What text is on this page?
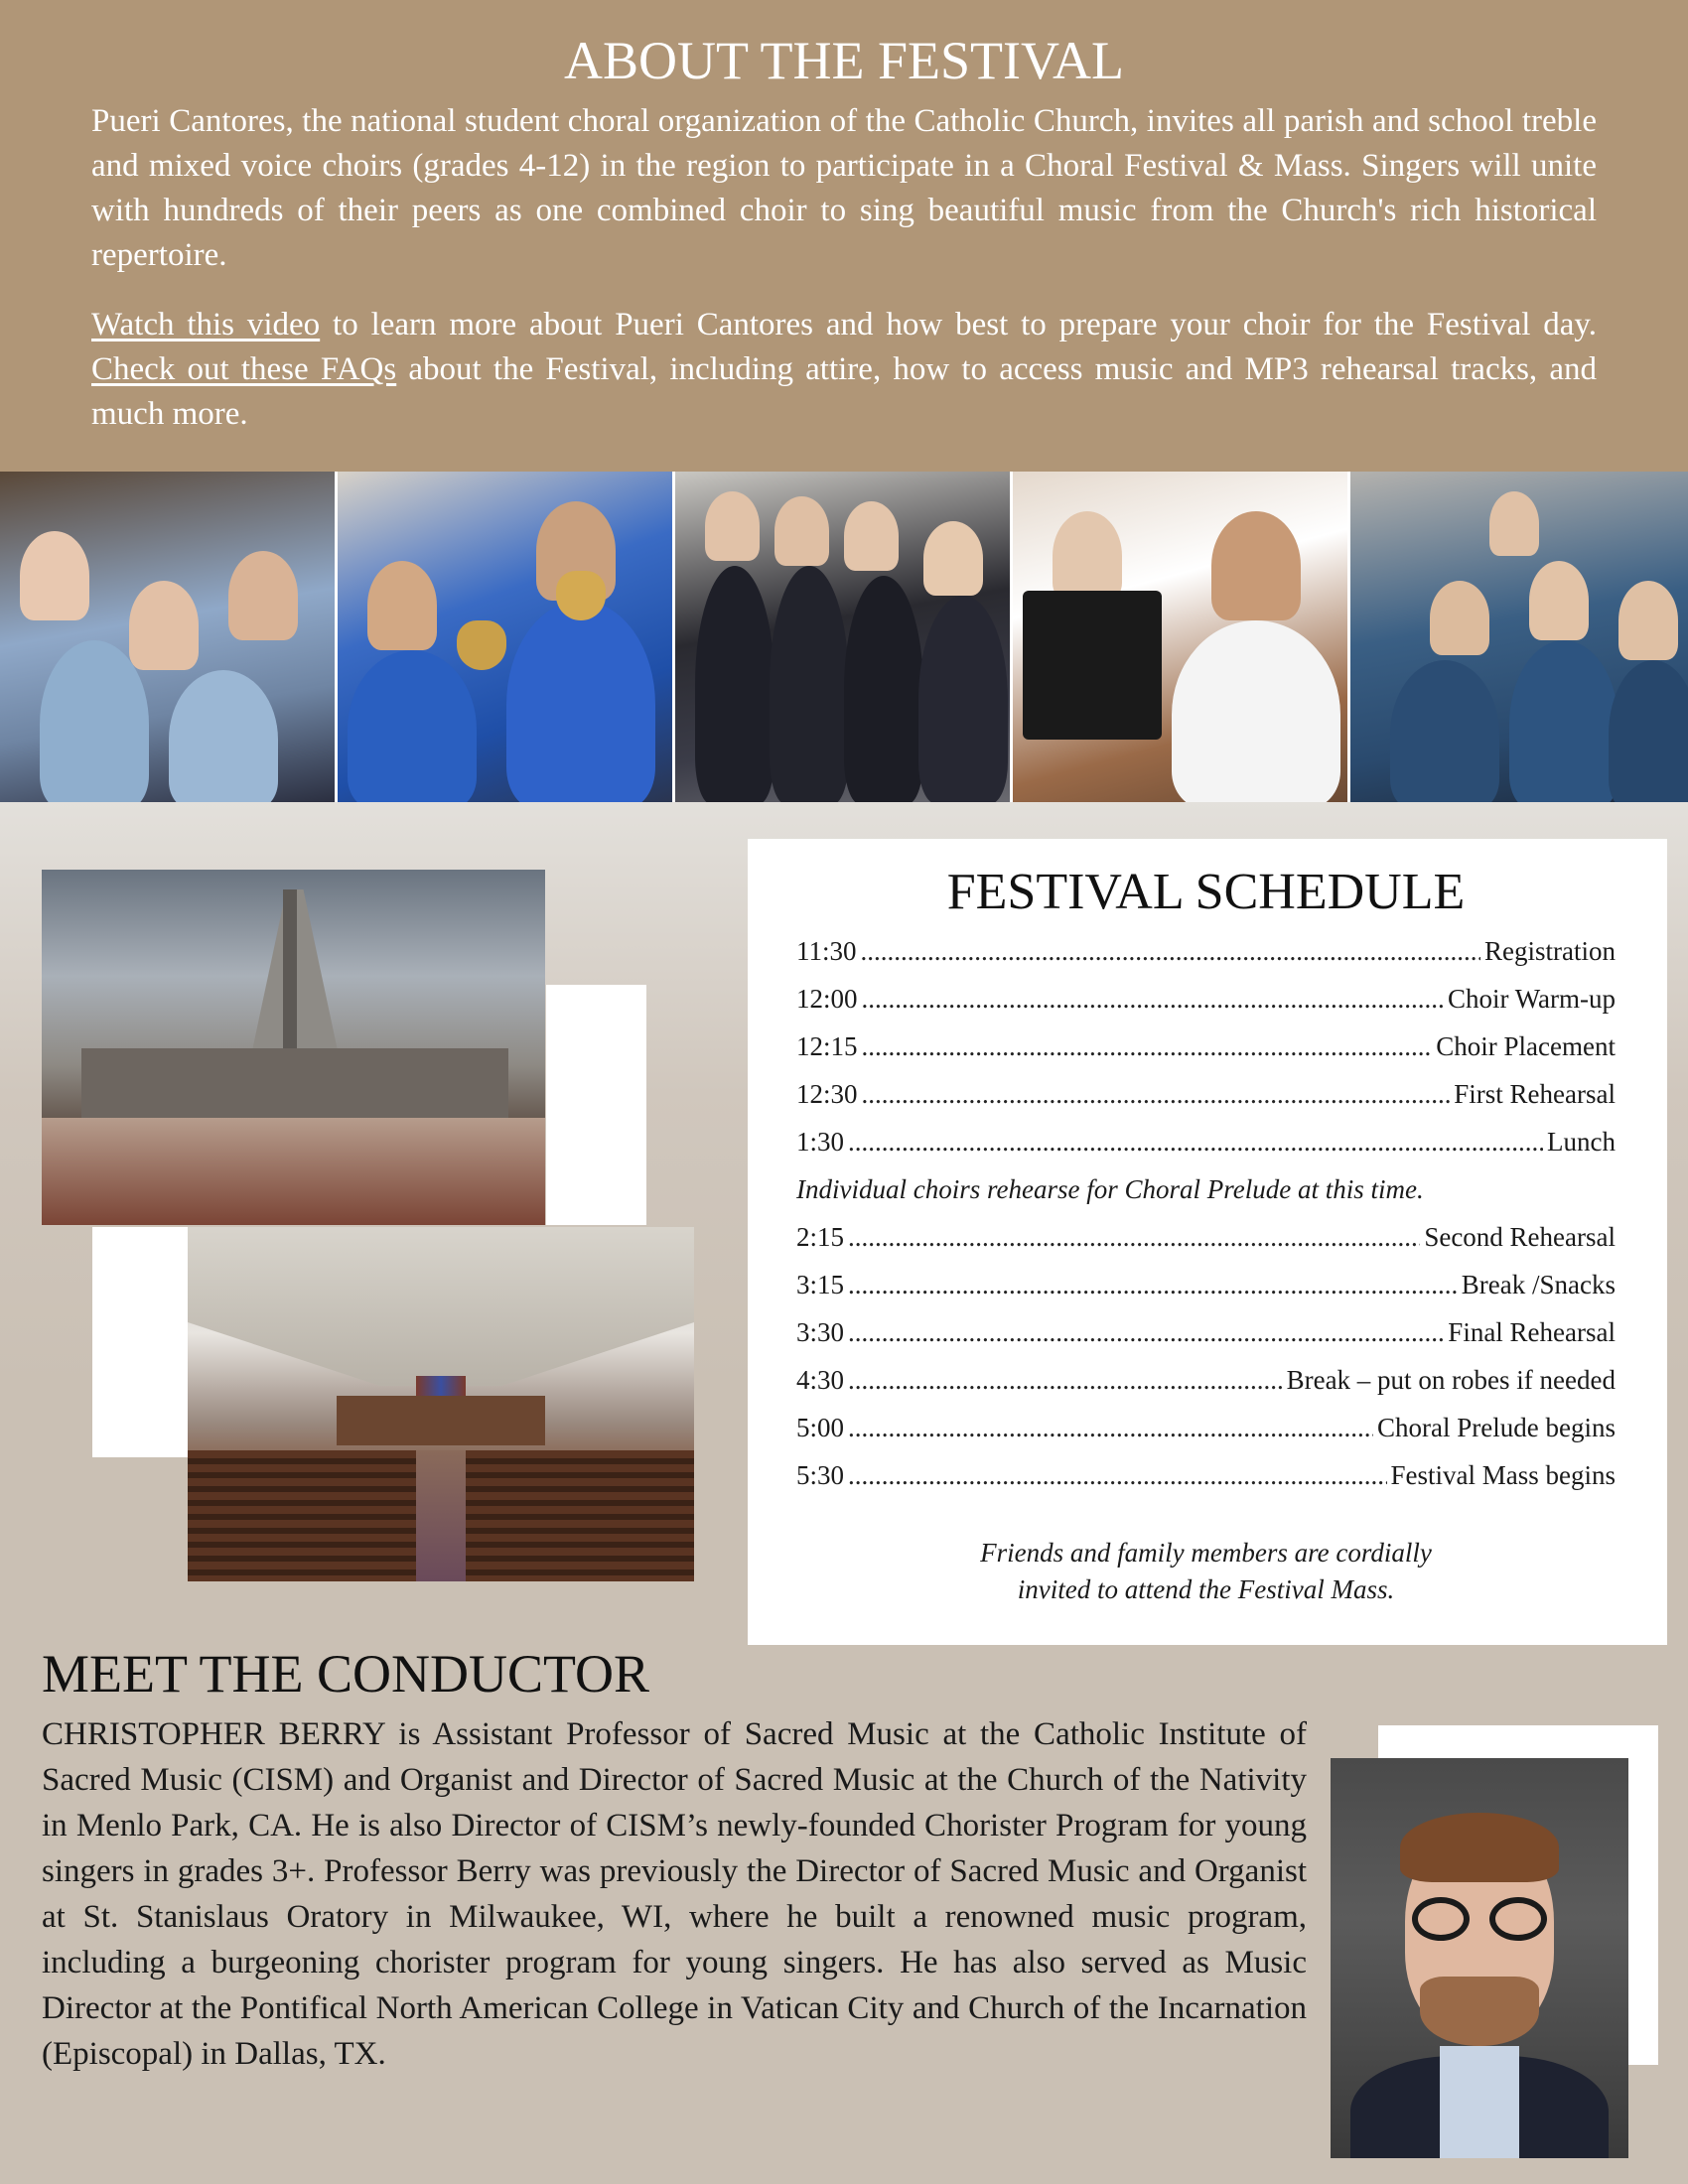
ABOUT THE FESTIVAL

Pueri Cantores, the national student choral organization of the Catholic Church, invites all parish and school treble and mixed voice choirs (grades 4-12) in the region to participate in a Choral Festival & Mass. Singers will unite with hundreds of their peers as one combined choir to sing beautiful music from the Church's rich historical repertoire.

Watch this video to learn more about Pueri Cantores and how best to prepare your choir for the Festival day. Check out these FAQs about the Festival, including attire, how to access music and MP3 rehearsal tracks, and much more.

FESTIVAL SCHEDULE
11:30 .....	Registration
12:00 .....	Choir Warm-up
12:15 .....	Choir Placement
12:30 .....	First Rehearsal
1:30 .....	Lunch
Individual choirs rehearse for Choral Prelude at this time.
2:15 .....	Second Rehearsal
3:15 .....	Break /Snacks
3:30 .....	Final Rehearsal
4:30 .....	Break – put on robes if needed
5:00 .....	Choral Prelude begins
5:30 .....	Festival Mass begins
Friends and family members are cordially
invited to attend the Festival Mass.
MEET THE CONDUCTOR

CHRISTOPHER BERRY is Assistant Professor of Sacred Music at the Catholic Institute of Sacred Music (CISM) and Organist and Director of Sacred Music at the Church of the Nativity in Menlo Park, CA. He is also Director of CISM’s newly-founded Chorister Program for young singers in grades 3+. Professor Berry was previously the Director of Sacred Music and Organist at St. Stanislaus Oratory in Milwaukee, WI, where he built a renowned music program, including a burgeoning chorister program for young singers. He has also served as Music Director at the Pontifical North American College in Vatican City and Church of the Incarnation (Episcopal) in Dallas, TX.
